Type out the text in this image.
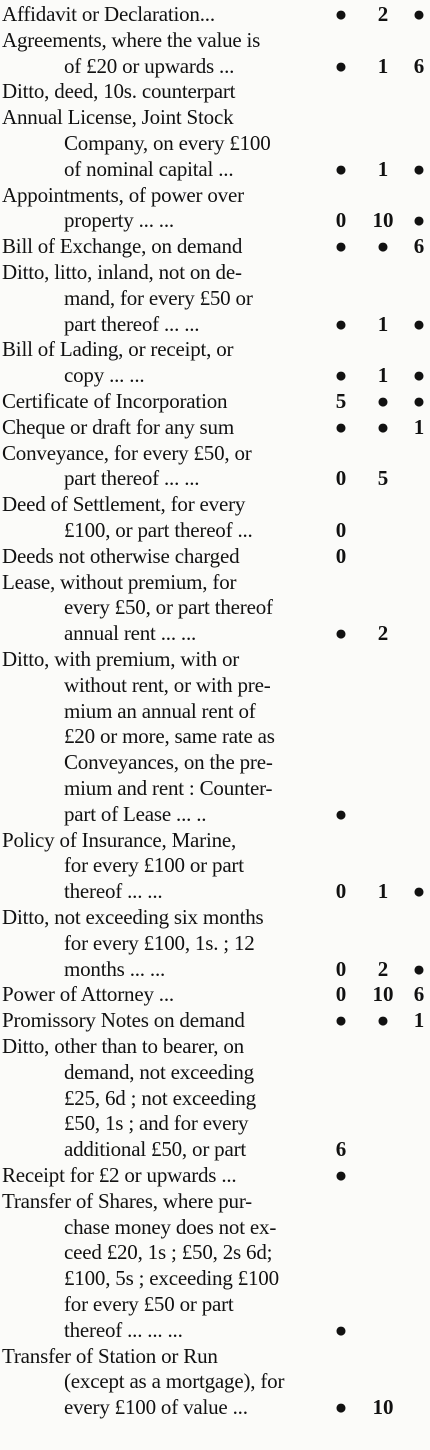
Affidavit or Declaration...	● 2 ●
Agreements, where the value is
of £20 or upwards ...	● 1 6
Ditto, deed, 10s. counterpart
Annual License, Joint Stock
Company, on every £100
of nominal capital ...	● 1 ●
Appointments, of power over
property ... ...	0 10 ●
Bill of Exchange, on demand	● ● 6
Ditto, litto, inland, not on de-
mand, for every £50 or
part thereof ... ...	● 1 ●
Bill of Lading, or receipt, or
copy ... ...	● 1 ●
Certificate of Incorporation	5 ● ●
Cheque or draft for any sum	● ● 1
Conveyance, for every £50, or
part thereof ... ...	0 5
Deed of Settlement, for every
£100, or part thereof ...	0
Deeds not otherwise charged	0
Lease, without premium, for
every £50, or part thereof
annual rent ... ...	● 2
Ditto, with premium, with or
without rent, or with pre-
mium an annual rent of
£20 or more, same rate as
Conveyances, on the pre-
mium and rent : Counter-
part of Lease ... ..	●
Policy of Insurance, Marine,
for every £100 or part
thereof ... ...	0 1 ●
Ditto, not exceeding six months
for every £100, 1s. ; 12
months ... ...	0 2 ●
Power of Attorney ...	0 10 6
Promissory Notes on demand	● ● 1
Ditto, other than to bearer, on
demand, not exceeding
£25, 6d ; not exceeding
£50, 1s ; and for every
additional £50, or part	6
Receipt for £2 or upwards ...	●
Transfer of Shares, where pur-
chase money does not ex-
ceed £20, 1s ; £50, 2s 6d;
£100, 5s ; exceeding £100
for every £50 or part
thereof ... ... ...	●
Transfer of Station or Run
(except as a mortgage), for
every £100 of value ...	● 10
